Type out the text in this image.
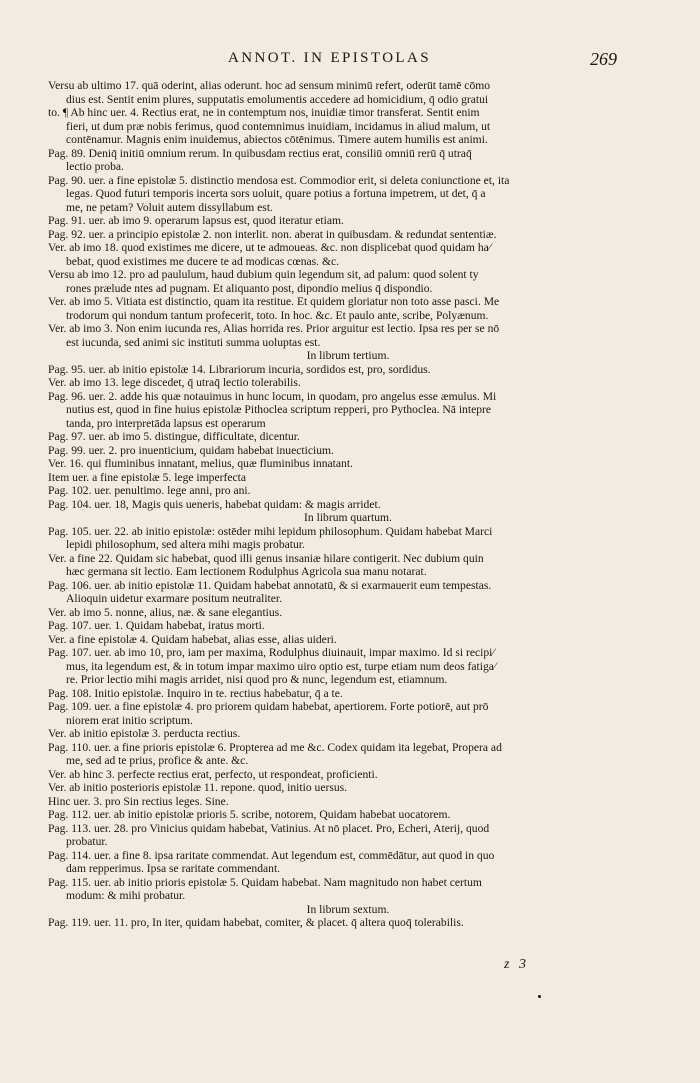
ANNOT. IN EPISTOLAS	269
Versu ab ultimo 17. quā oderint, alias oderunt. hoc ad sensum minimū refert, oderūt tamē cōmo
dius est. Sentit enim plures, supputatis emolumentis accedere ad homicidium, q̄ odio gratui
to. ¶ Ab hinc uer. 4. Rectius erat, ne in contemptum nos, inuidiæ timor transferat. Sentit enim
fieri, ut dum præ nobis ferimus, quod contemnimus inuidiam, incidamus in aliud malum, ut
contēnamur. Magnis enim inuidemus, abiectos cōtēnimus. Timere autem humilis est animi.
Pag. 89. Deniq̄ initiū omnium rerum. In quibusdam rectius erat, consiliū omniū rerū q̄ utraq̄
lectio proba.
Pag. 90. uer. a fine epistolæ 5. distinctio mendosa est. Commodior erit, si deleta coniunctione et, ita
legas. Quod futuri temporis incerta sors uoluit, quare potius a fortuna impetrem, ut det, q̄ a
me, ne petam? Voluit autem dissyllabum est.
Pag. 91. uer. ab imo 9. operarum lapsus est, quod iteratur etiam.
Pag. 92. uer. a principio epistolæ 2. non interlit. non. aberat in quibusdam. & redundat sententiæ.
Ver. ab imo 18. quod existimes me dicere, ut te admoueas. &c. non displicebat quod quidam ha⁄
bebat, quod existimes me ducere te ad modicas cœnas. &c.
Versu ab imo 12. pro ad paululum, haud dubium quin legendum sit, ad palum: quod solent ty
rones prælude ntes ad pugnam. Et aliquanto post, dipondio melius q̄ dispondio.
Ver. ab imo 5. Vitiata est distinctio, quam ita restitue. Et quidem gloriatur non toto asse pasci. Me
trodorum qui nondum tantum profecerit, toto. In hoc. &c. Et paulo ante, scribe, Polyænum.
Ver. ab imo 3. Non enim iucunda res, Alias horrida res. Prior arguitur est lectio. Ipsa res per se nō
est iucunda, sed animi sic instituti summa uoluptas est.
In librum tertium.
Pag. 95. uer. ab initio epistolæ 14. Librariorum incuria, sordidos est, pro, sordidus.
Ver. ab imo 13. lege discedet, q̄ utraq̄ lectio tolerabilis.
Pag. 96. uer. 2. adde his quæ notauimus in hunc locum, in quodam, pro angelus esse æmulus. Mi
nutius est, quod in fine huius epistolæ Pithoclea scriptum repperi, pro Pythoclea. Nā intepre
tanda, pro interpretāda lapsus est operarum
Pag. 97. uer. ab imo 5. distingue, difficultate, dicentur.
Pag. 99. uer. 2. pro inuenticium, quidam habebat inuecticium.
Ver. 16. qui fluminibus innatant, melius, quæ fluminibus innatant.
Item uer. a fine epistolæ 5. lege imperfecta
Pag. 102. uer. penultimo. lege anni, pro ani.
Pag. 104. uer. 18, Magis quis ueneris, habebat quidam: & magis arridet.
In librum quartum.
Pag. 105. uer. 22. ab initio epistolæ: ostēder mihi lepidum philosophum. Quidam habebat Marci
lepidi philosophum, sed altera mihi magis probatur.
Ver. a fine 22. Quidam sic habebat, quod illi genus insaniæ hilare contigerit. Nec dubium quin
hæc germana sit lectio. Eam lectionem Rodulphus Agricola sua manu notarat.
Pag. 106. uer. ab initio epistolæ 11. Quidam habebat annotatū, & si exarmauerit eum tempestas.
Alioquin uidetur exarmare positum neutraliter.
Ver. ab imo 5. nonne, alius, næ. & sane elegantius.
Pag. 107. uer. 1. Quidam habebat, iratus morti.
Ver. a fine epistolæ 4. Quidam habebat, alias esse, alias uideri.
Pag. 107. uer. ab imo 10, pro, iam per maxima, Rodulphus diuinauit, impar maximo. Id si recipi⁄
mus, ita legendum est, & in totum impar maximo uiro optio est, turpe etiam num deos fatiga⁄
re. Prior lectio mihi magis arridet, nisi quod pro & nunc, legendum est, etiamnum.
Pag. 108. Initio epistolæ. Inquiro in te. rectius habebatur, q̄ a te.
Pag. 109. uer. a fine epistolæ 4. pro priorem quidam habebat, apertiorem. Forte potiorē, aut prō
niorem erat initio scriptum.
Ver. ab initio epistolæ 3. perducta rectius.
Pag. 110. uer. a fine prioris epistolæ 6. Propterea ad me &c. Codex quidam ita legebat, Propera ad
me, sed ad te prius, profice & ante. &c.
Ver. ab hinc 3. perfecte rectius erat, perfecto, ut respondeat, proficienti.
Ver. ab initio posterioris epistolæ 11. repone. quod, initio uersus.
Hinc uer. 3. pro Sin rectius leges. Sine.
Pag. 112. uer. ab initio epistolæ prioris 5. scribe, notorem, Quidam habebat uocatorem.
Pag. 113. uer. 28. pro Vinicius quidam habebat, Vatinius. At nō placet. Pro, Echeri, Aterij, quod
probatur.
Pag. 114. uer. a fine 8. ipsa raritate commendat. Aut legendum est, commēdātur, aut quod in quo
dam repperimus. Ipsa se raritate commendant.
Pag. 115. uer. ab initio prioris epistolæ 5. Quidam habebat. Nam magnitudo non habet certum
modum: & mihi probatur.
In librum sextum.
Pag. 119. uer. 11. pro, In iter, quidam habebat, comiter, & placet. q̄ altera quoq̄ tolerabilis.
z 3
